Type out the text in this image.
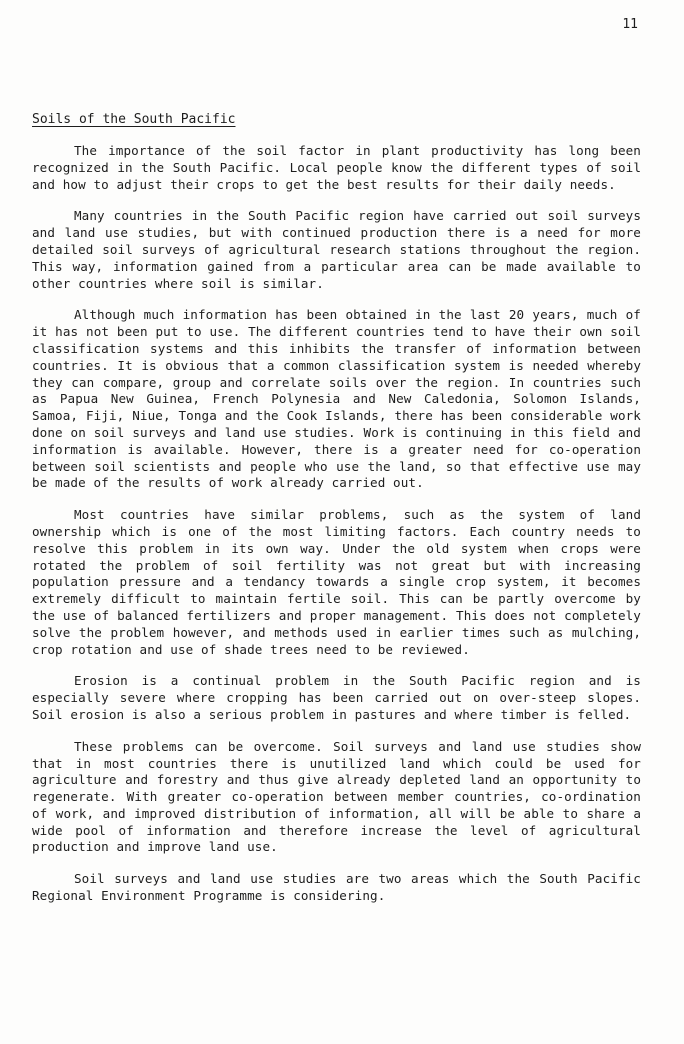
11
Soils of the South Pacific

The importance of the soil factor in plant productivity has long been recognized in the South Pacific. Local people know the different types of soil and how to adjust their crops to get the best results for their daily needs.

Many countries in the South Pacific region have carried out soil surveys and land use studies, but with continued production there is a need for more detailed soil surveys of agricultural research stations throughout the region. This way, information gained from a particular area can be made available to other countries where soil is similar.

Although much information has been obtained in the last 20 years, much of it has not been put to use. The different countries tend to have their own soil classification systems and this inhibits the transfer of information between countries. It is obvious that a common classification system is needed whereby they can compare, group and correlate soils over the region. In countries such as Papua New Guinea, French Polynesia and New Caledonia, Solomon Islands, Samoa, Fiji, Niue, Tonga and the Cook Islands, there has been considerable work done on soil surveys and land use studies. Work is continuing in this field and information is available. However, there is a greater need for co-operation between soil scientists and people who use the land, so that effective use may be made of the results of work already carried out.

Most countries have similar problems, such as the system of land ownership which is one of the most limiting factors. Each country needs to resolve this problem in its own way. Under the old system when crops were rotated the problem of soil fertility was not great but with increasing population pressure and a tendancy towards a single crop system, it becomes extremely difficult to maintain fertile soil. This can be partly overcome by the use of balanced fertilizers and proper management. This does not completely solve the problem however, and methods used in earlier times such as mulching, crop rotation and use of shade trees need to be reviewed.

Erosion is a continual problem in the South Pacific region and is especially severe where cropping has been carried out on over-steep slopes. Soil erosion is also a serious problem in pastures and where timber is felled.

These problems can be overcome. Soil surveys and land use studies show that in most countries there is unutilized land which could be used for agriculture and forestry and thus give already depleted land an opportunity to regenerate. With greater co-operation between member countries, co-ordination of work, and improved distribution of information, all will be able to share a wide pool of information and therefore increase the level of agricultural production and improve land use.

Soil surveys and land use studies are two areas which the South Pacific Regional Environment Programme is considering.
